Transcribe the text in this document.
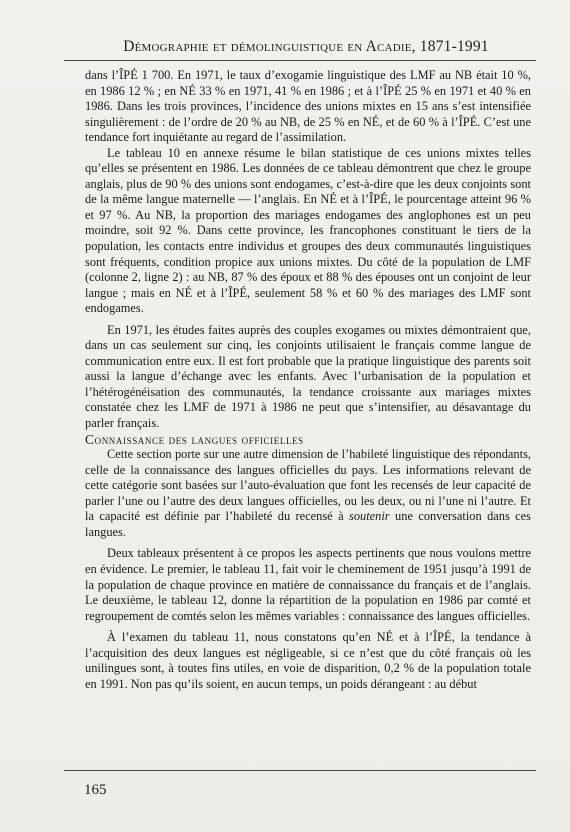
Démographie et démolinguistique en Acadie, 1871-1991

dans l’ÎPÉ 1 700. En 1971, le taux d’exogamie linguistique des LMF au NB était 10 %, en 1986 12 % ; en NÉ 33 % en 1971, 41 % en 1986 ; et à l’ÎPÉ 25 % en 1971 et 40 % en 1986. Dans les trois provinces, l’incidence des unions mixtes en 15 ans s’est intensifiée singulièrement : de l’ordre de 20 % au NB, de 25 % en NÉ, et de 60 % à l’ÎPÉ. C’est une tendance fort inquiétante au regard de l’assimilation.

Le tableau 10 en annexe résume le bilan statistique de ces unions mixtes telles qu’elles se présentent en 1986. Les données de ce tableau démontrent que chez le groupe anglais, plus de 90 % des unions sont endogames, c’est-à-dire que les deux conjoints sont de la même langue maternelle — l’anglais. En NÉ et à l’ÎPÉ, le pourcentage atteint 96 % et 97 %. Au NB, la proportion des mariages endogames des anglophones est un peu moindre, soit 92 %. Dans cette province, les francophones constituant le tiers de la population, les contacts entre individus et groupes des deux communautés linguistiques sont fréquents, condition propice aux unions mixtes. Du côté de la population de LMF (colonne 2, ligne 2) : au NB, 87 % des époux et 88 % des épouses ont un conjoint de leur langue ; mais en NÉ et à l’ÎPÉ, seulement 58 % et 60 % des mariages des LMF sont endogames.

En 1971, les études faites auprès des couples exogames ou mixtes démontraient que, dans un cas seulement sur cinq, les conjoints utilisaient le français comme langue de communication entre eux. Il est fort probable que la pratique linguistique des parents soit aussi la langue d’échange avec les enfants. Avec l’urbanisation de la population et l’hétérogénéisation des communautés, la tendance croissante aux mariages mixtes constatée chez les LMF de 1971 à 1986 ne peut que s’intensifier, au désavantage du parler français.

Connaissance des langues officielles

Cette section porte sur une autre dimension de l’habileté linguistique des répondants, celle de la connaissance des langues officielles du pays. Les informations relevant de cette catégorie sont basées sur l’auto-évaluation que font les recensés de leur capacité de parler l’une ou l’autre des deux langues officielles, ou les deux, ou ni l’une ni l’autre. Et la capacité est définie par l’habileté du recensé à soutenir une conversation dans ces langues.

Deux tableaux présentent à ce propos les aspects pertinents que nous voulons mettre en évidence. Le premier, le tableau 11, fait voir le cheminement de 1951 jusqu’à 1991 de la population de chaque province en matière de connaissance du français et de l’anglais. Le deuxième, le tableau 12, donne la répartition de la population en 1986 par comté et regroupement de comtés selon les mêmes variables : connaissance des langues officielles.

À l’examen du tableau 11, nous constatons qu’en NÉ et à l’ÎPÉ, la tendance à l’acquisition des deux langues est négligeable, si ce n’est que du côté français où les unilingues sont, à toutes fins utiles, en voie de disparition, 0,2 % de la population totale en 1991. Non pas qu’ils soient, en aucun temps, un poids dérangeant : au début

165
